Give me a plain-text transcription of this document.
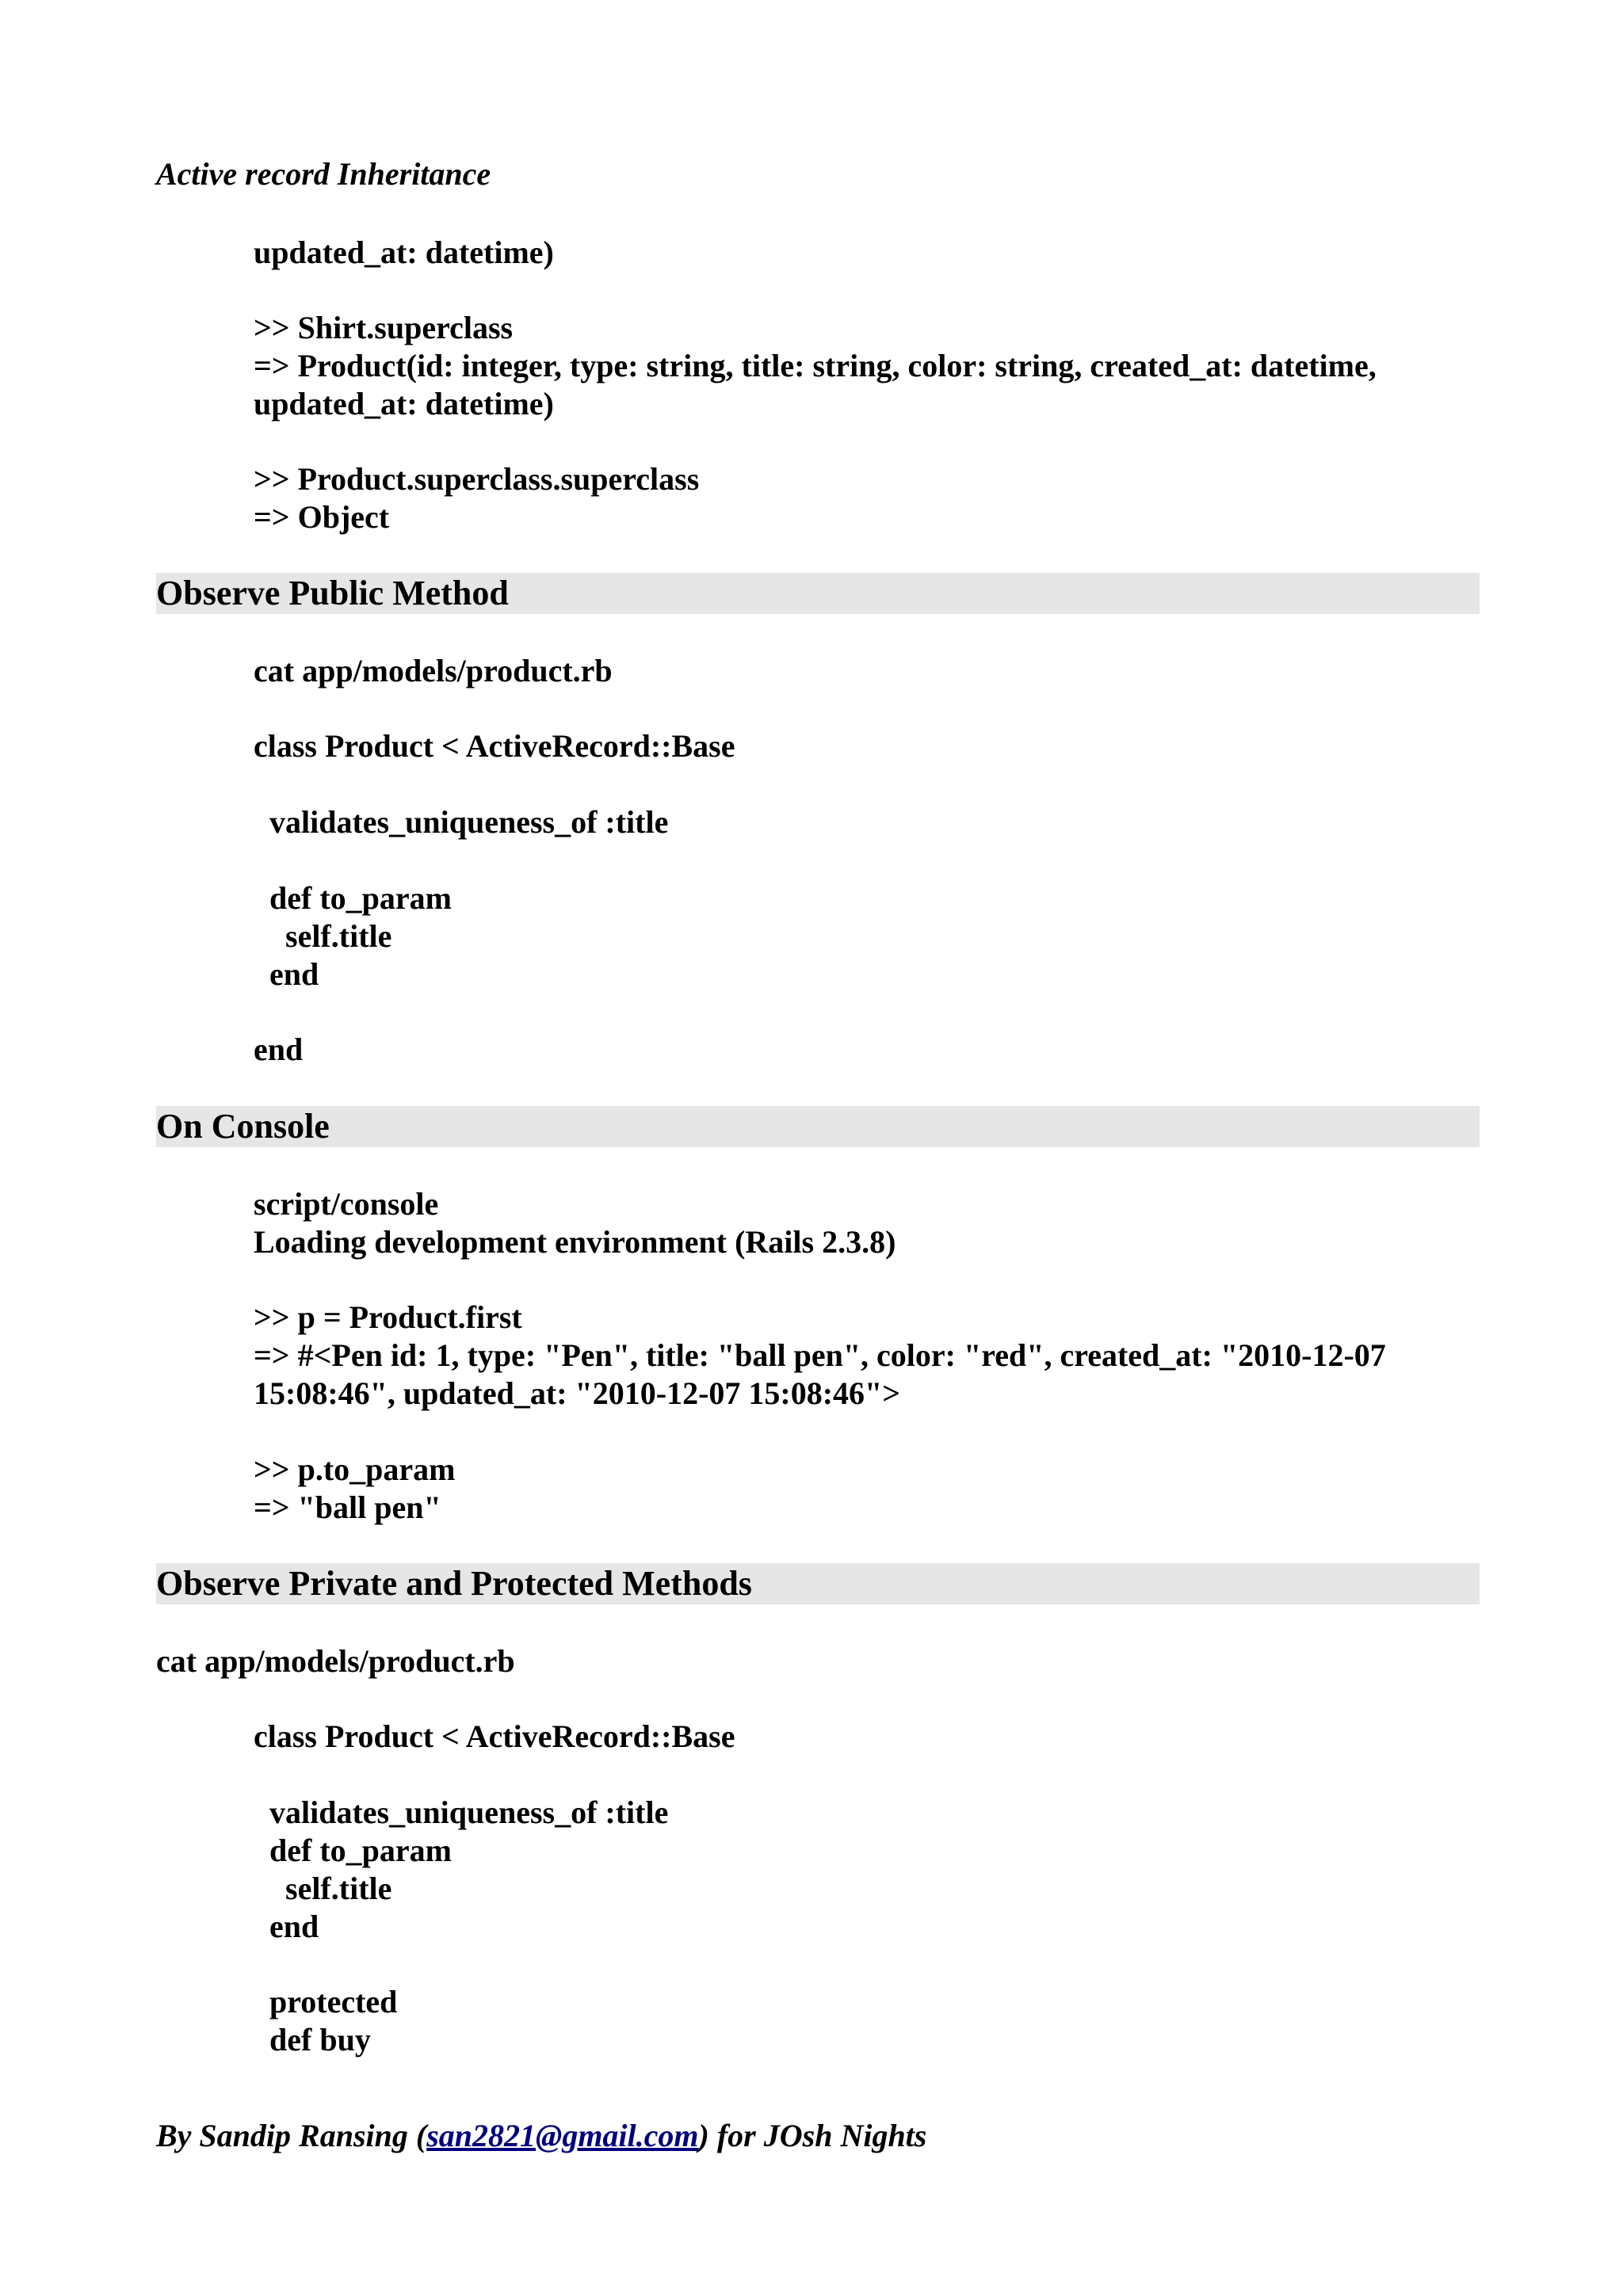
Active record Inheritance

updated_at: datetime)

>> Shirt.superclass

=> Product(id: integer, type: string, title: string, color: string, created_at: datetime,

updated_at: datetime)

>> Product.superclass.superclass

=> Object

Observe Public Method

cat app/models/product.rb

class Product < ActiveRecord::Base

validates_uniqueness_of :title

def to_param

self.title

end

end

On Console

script/console

Loading development environment (Rails 2.3.8)

>> p = Product.first

=> #<Pen id: 1, type: "Pen", title: "ball pen", color: "red", created_at: "2010-12-07

15:08:46", updated_at: "2010-12-07 15:08:46">

>> p.to_param

=> "ball pen"

Observe Private and Protected Methods

cat app/models/product.rb

class Product < ActiveRecord::Base

validates_uniqueness_of :title

def to_param

self.title

end

protected

def buy

By Sandip Ransing (san2821@gmail.com) for JOsh Nights
